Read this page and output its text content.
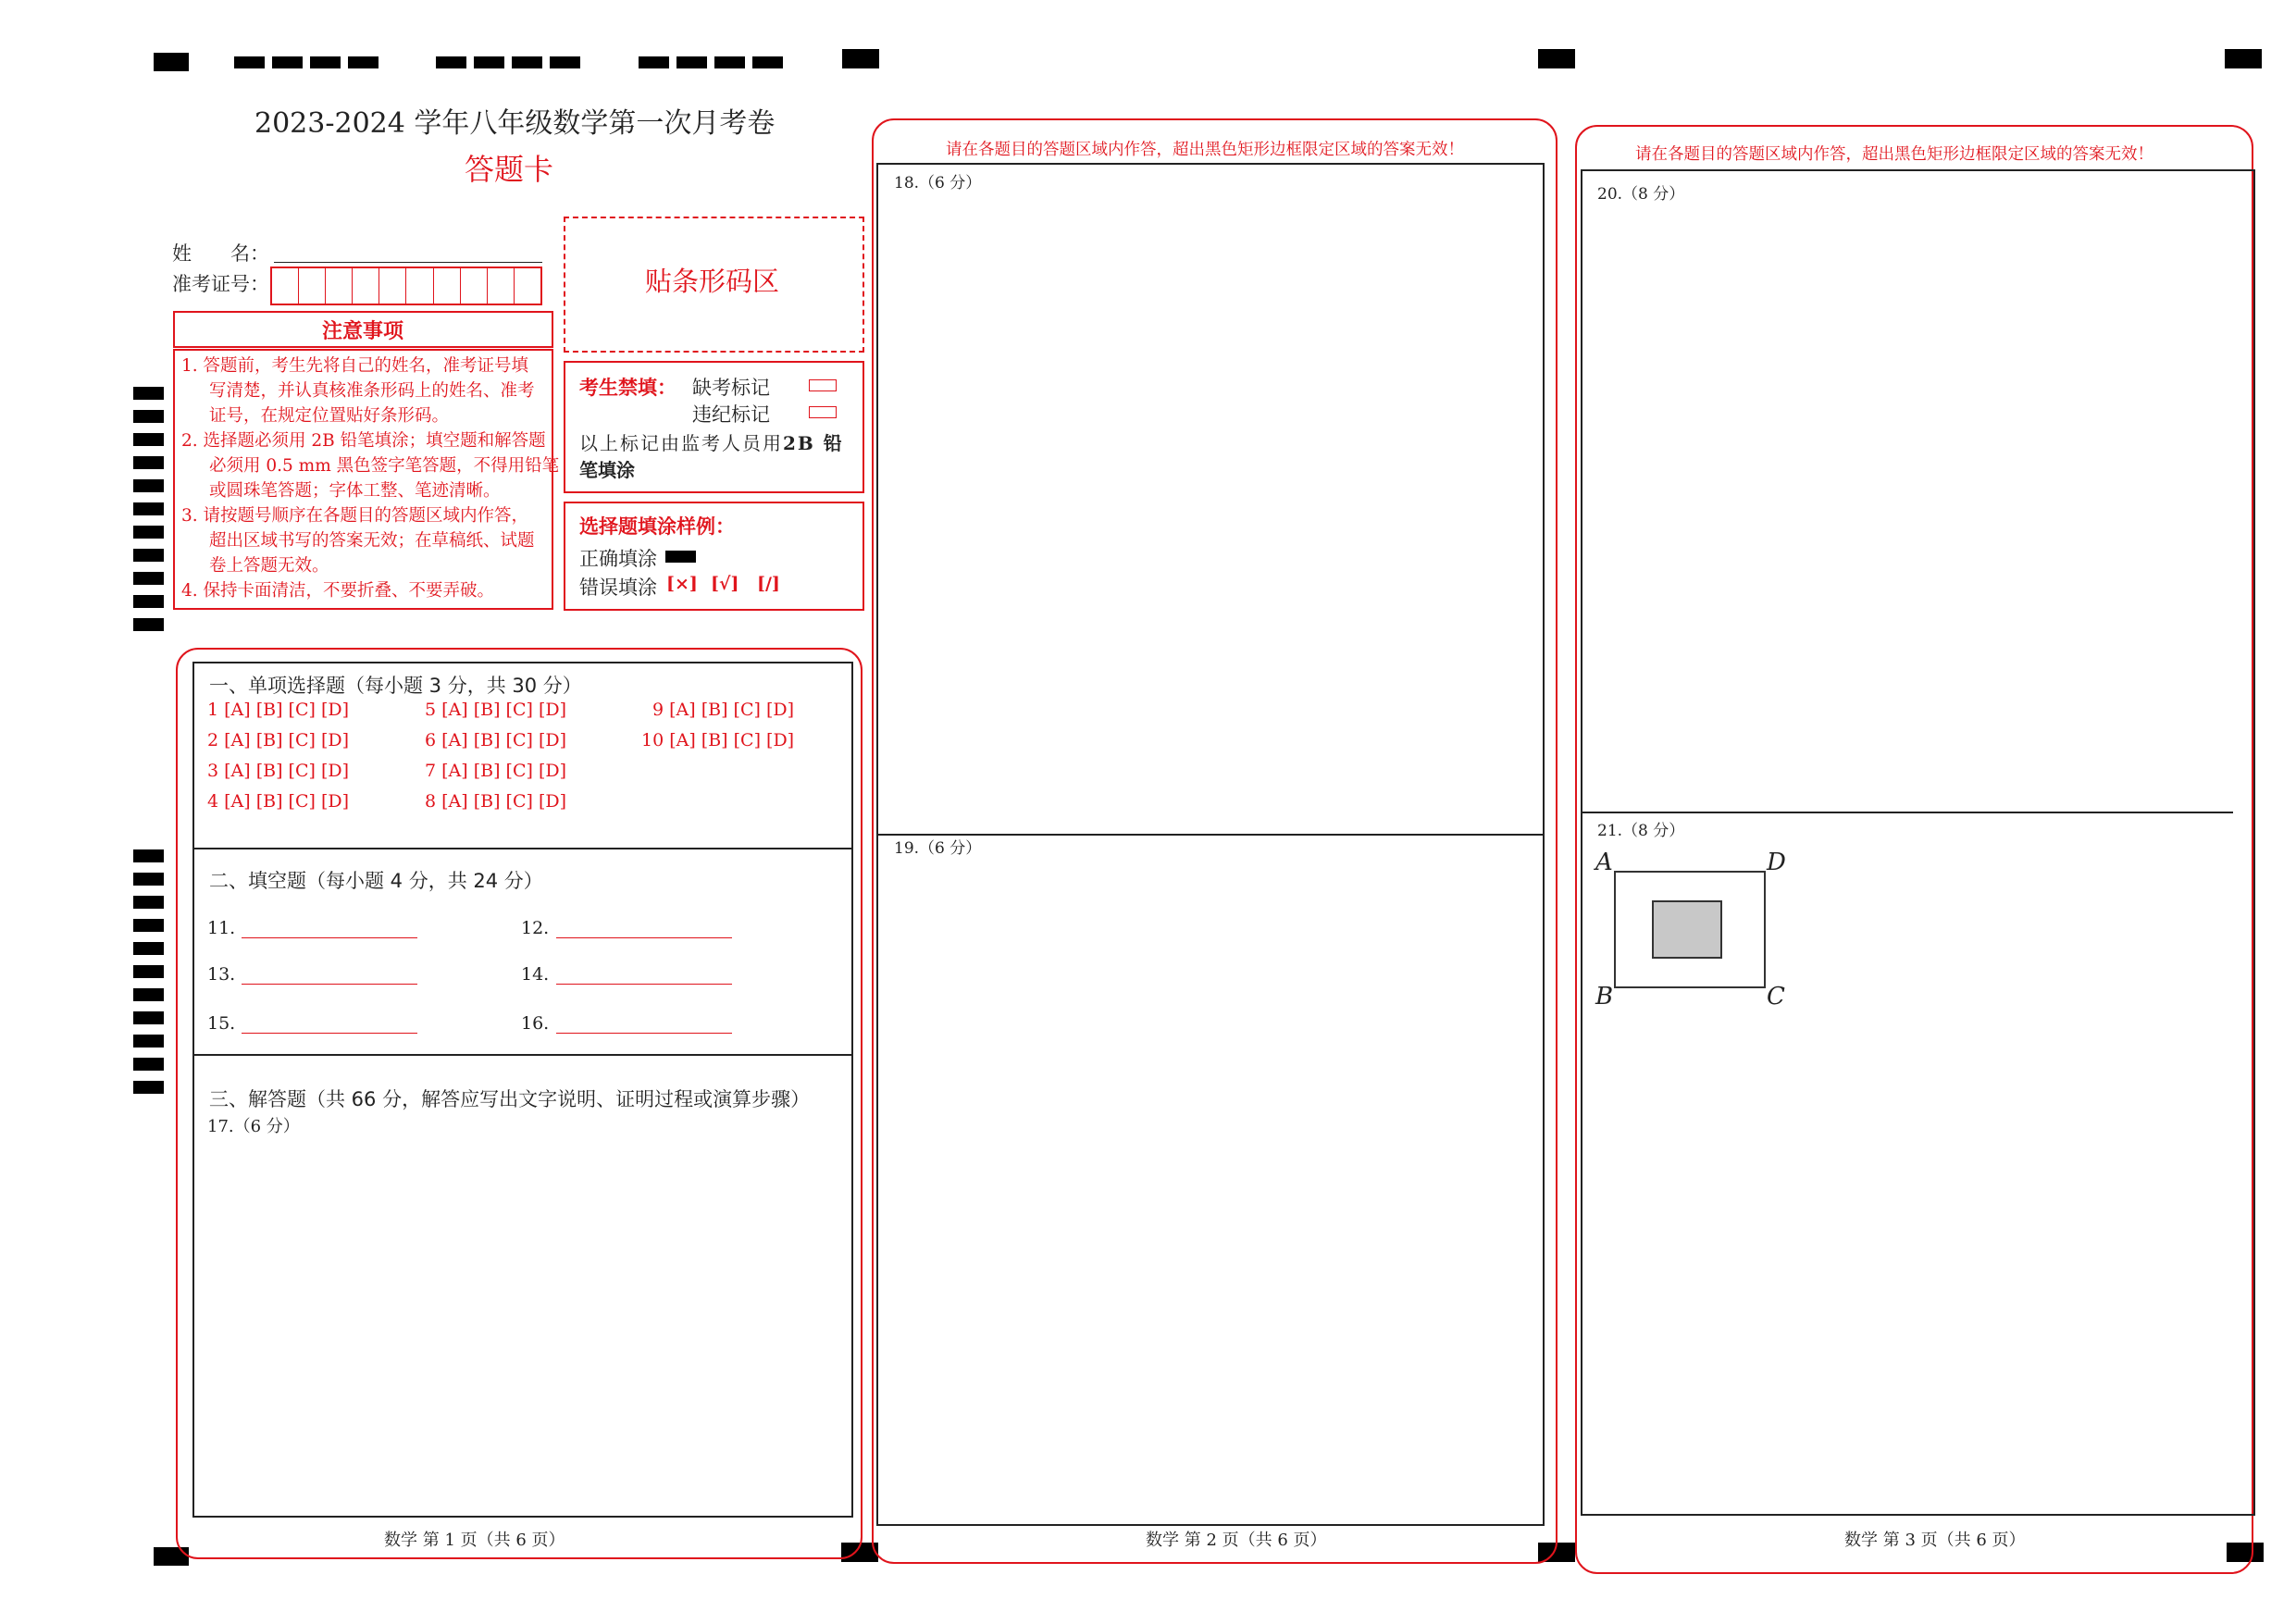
2023-2024 学年八年级数学第一次月考卷
答题卡
姓　　名：
准考证号：
注意事项
1. 答题前，考生先将自己的姓名，准考证号填
写清楚，并认真核准条形码上的姓名、准考
证号，在规定位置贴好条形码。
2. 选择题必须用 2B 铅笔填涂；填空题和解答题
必须用 0.5 mm 黑色签字笔答题，不得用铅笔
或圆珠笔答题；字体工整、笔迹清晰。
3. 请按题号顺序在各题目的答题区域内作答，
超出区域书写的答案无效；在草稿纸、试题
卷上答题无效。
4. 保持卡面清洁，不要折叠、不要弄破。
贴条形码区
考生禁填： 缺考标记
违纪标记
以上标记由监考人员用2B 铅
笔填涂
选择题填涂样例：
正确填涂
错误填涂 [×] [√] [/]
一、单项选择题（每小题 3 分，共 30 分）
1 [A] [B] [C] [D]
2 [A] [B] [C] [D]
3 [A] [B] [C] [D]
4 [A] [B] [C] [D]
5 [A] [B] [C] [D]
6 [A] [B] [C] [D]
7 [A] [B] [C] [D]
8 [A] [B] [C] [D]
9 [A] [B] [C] [D]
10 [A] [B] [C] [D]
二、填空题（每小题 4 分，共 24 分）
11.	12.
13.	14.
15.	16.
三、解答题（共 66 分，解答应写出文字说明、证明过程或演算步骤）
17.（6 分）
数学 第 1 页（共 6 页）
请在各题目的答题区域内作答，超出黑色矩形边框限定区域的答案无效！
18.（6 分）
19.（6 分）
数学 第 2 页（共 6 页）
请在各题目的答题区域内作答，超出黑色矩形边框限定区域的答案无效！
20.（8 分）
21.（8 分）
A	D
B	C
数学 第 3 页（共 6 页）
